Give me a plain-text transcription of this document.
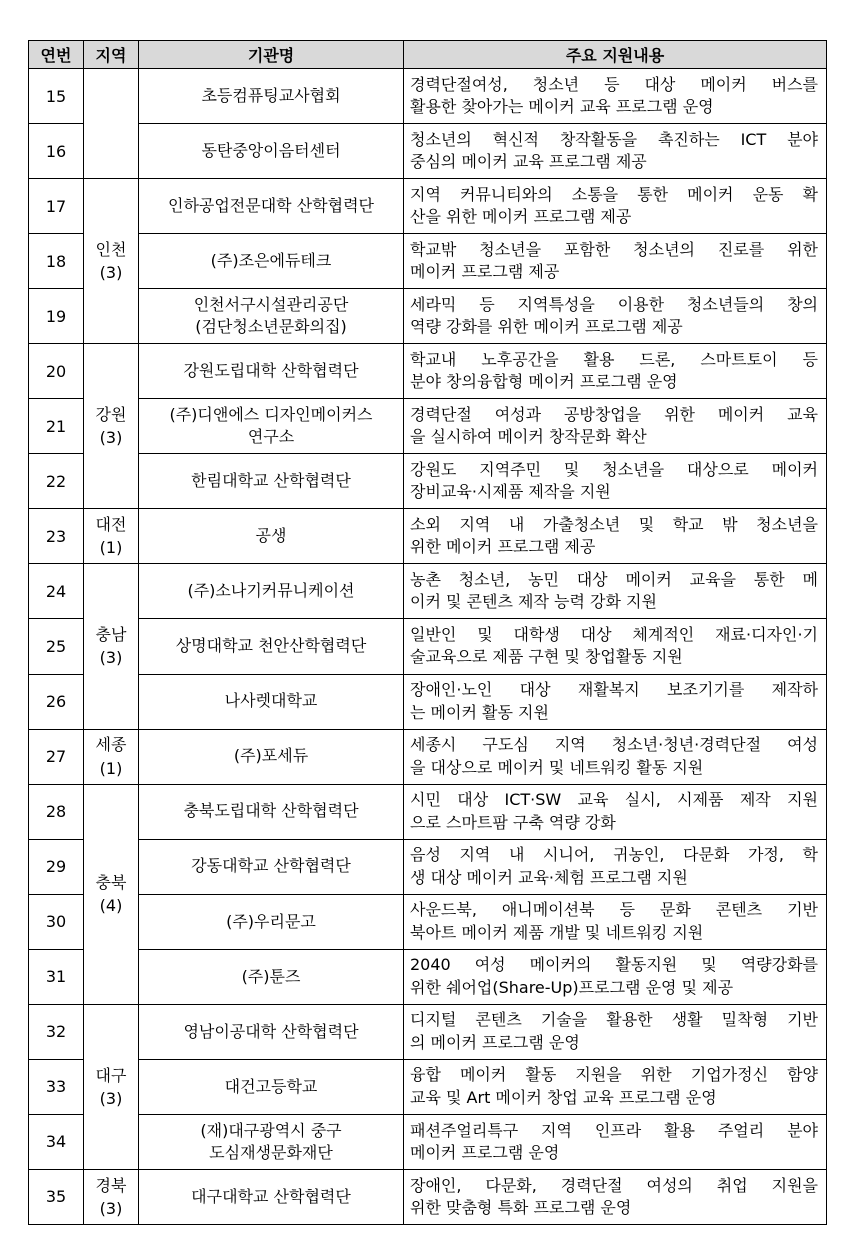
연번	지역	기관명	주요 지원내용
15		초등컴퓨팅교사협회	경력단절여성, 청소년 등 대상 메이커 버스를
활용한 찾아가는 메이커 교육 프로그램 운영

16		동탄중앙이음터센터	청소년의 혁신적 창작활동을 촉진하는 ICT 분야
중심의 메이커 교육 프로그램 제공

17	인천
(3)	인하공업전문대학 산학협력단	지역 커뮤니티와의 소통을 통한 메이커 운동 확
산을 위한 메이커 프로그램 제공

18		(주)조은에듀테크	학교밖 청소년을 포함한 청소년의 진로를 위한
메이커 프로그램 제공

19		인천서구시설관리공단
(검단청소년문화의집)	세라믹 등 지역특성을 이용한 청소년들의 창의
역량 강화를 위한 메이커 프로그램 제공

20	강원
(3)	강원도립대학 산학협력단	학교내 노후공간을 활용 드론, 스마트토이 등
분야 창의융합형 메이커 프로그램 운영

21		(주)디앤에스 디자인메이커스
연구소	경력단절 여성과 공방창업을 위한 메이커 교육
을 실시하여 메이커 창작문화 확산

22		한림대학교 산학협력단	강원도 지역주민 및 청소년을 대상으로 메이커
장비교육·시제품 제작을 지원

23	대전
(1)	공생	소외 지역 내 가출청소년 및 학교 밖 청소년을
위한 메이커 프로그램 제공

24	충남
(3)	(주)소나기커뮤니케이션	농촌 청소년, 농민 대상 메이커 교육을 통한 메
이커 및 콘텐츠 제작 능력 강화 지원

25		상명대학교 천안산학협력단	일반인 및 대학생 대상 체계적인 재료·디자인·기
술교육으로 제품 구현 및 창업활동 지원

26		나사렛대학교	장애인·노인 대상 재활복지 보조기기를 제작하
는 메이커 활동 지원

27	세종
(1)	(주)포세듀	세종시 구도심 지역 청소년·청년·경력단절 여성
을 대상으로 메이커 및 네트워킹 활동 지원

28	충북
(4)	충북도립대학 산학협력단	시민 대상 ICT·SW 교육 실시, 시제품 제작 지원
으로 스마트팜 구축 역량 강화

29		강동대학교 산학협력단	음성 지역 내 시니어, 귀농인, 다문화 가정, 학
생 대상 메이커 교육·체험 프로그램 지원

30		(주)우리문고	사운드북, 애니메이션북 등 문화 콘텐츠 기반
북아트 메이커 제품 개발 및 네트워킹 지원

31		(주)툰즈	2040 여성 메이커의 활동지원 및 역량강화를
위한 쉐어업(Share-Up)프로그램 운영 및 제공

32	대구
(3)	영남이공대학 산학협력단	디지털 콘텐츠 기술을 활용한 생활 밀착형 기반
의 메이커 프로그램 운영

33		대건고등학교	융합 메이커 활동 지원을 위한 기업가정신 함양
교육 및 Art 메이커 창업 교육 프로그램 운영

34		(재)대구광역시 중구
도심재생문화재단	패션주얼리특구 지역 인프라 활용 주얼리 분야
메이커 프로그램 운영

35	경북
(3)	대구대학교 산학협력단	장애인, 다문화, 경력단절 여성의 취업 지원을
위한 맞춤형 특화 프로그램 운영
